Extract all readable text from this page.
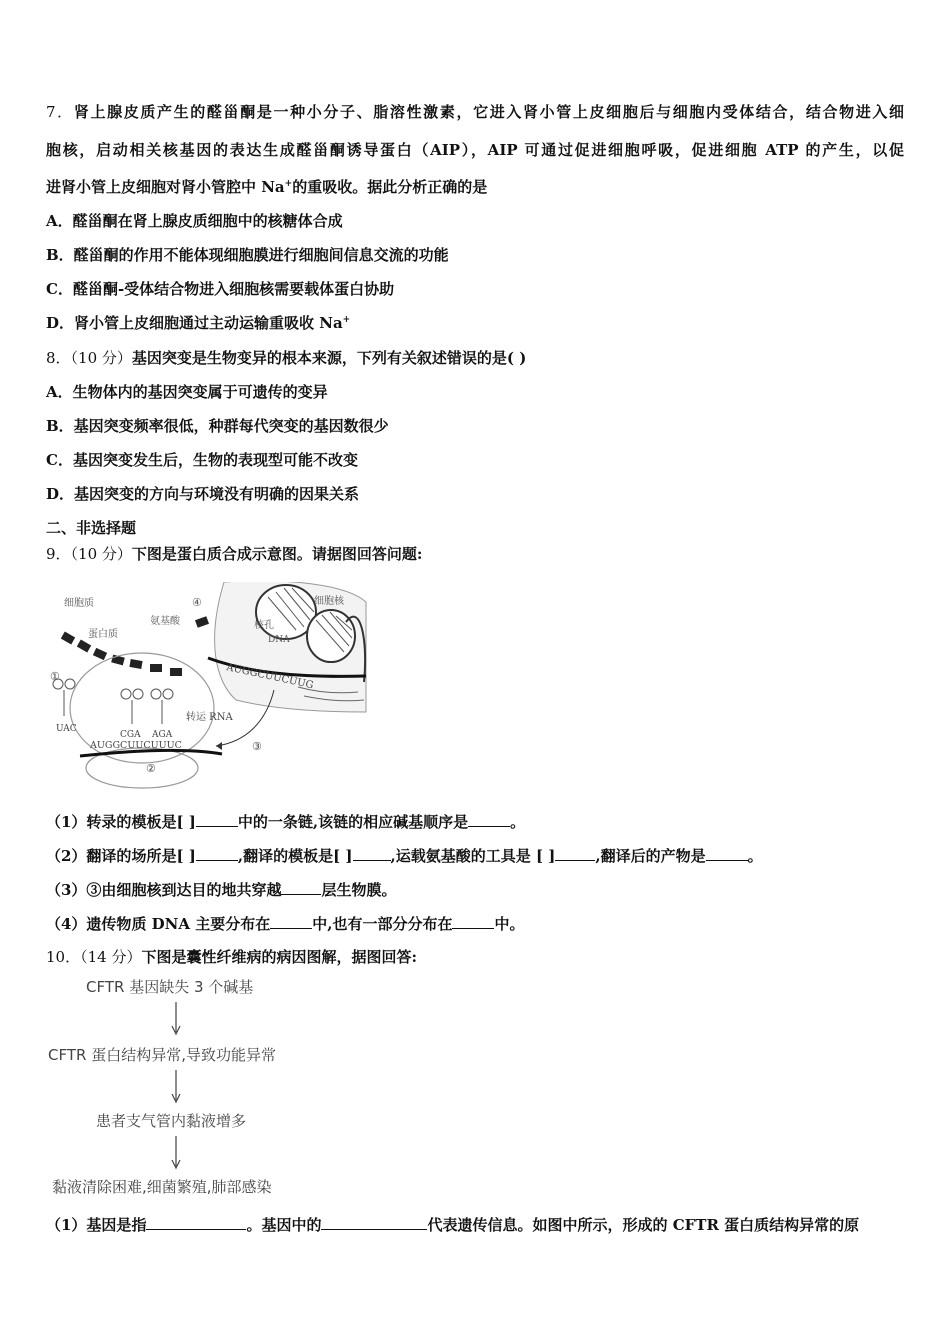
7．肾上腺皮质产生的醛甾酮是一种小分子、脂溶性激素，它进入肾小管上皮细胞后与细胞内受体结合，结合物进入细
胞核，启动相关核基因的表达生成醛甾酮诱导蛋白（AIP），AIP 可通过促进细胞呼吸，促进细胞 ATP 的产生，以促
进肾小管上皮细胞对肾小管腔中 Na+的重吸收。据此分析正确的是
A．醛甾酮在肾上腺皮质细胞中的核糖体合成
B．醛甾酮的作用不能体现细胞膜进行细胞间信息交流的功能
C．醛甾酮-受体结合物进入细胞核需要载体蛋白协助
D．肾小管上皮细胞通过主动运输重吸收 Na+
8．（10 分）基因突变是生物变异的根本来源，下列有关叙述错误的是( )
A．生物体内的基因突变属于可遗传的变异
B．基因突变频率很低，种群每代突变的基因数很少
C．基因突变发生后，生物的表现型可能不改变
D．基因突变的方向与环境没有明确的因果关系
二、非选择题
9．（10 分）下图是蛋白质合成示意图。请据图回答问题:
AUGGCUUCUUG
细胞核
核孔
DNA
④
细胞质
蛋白质
氨基酸
②
①
UAC
CGA AGA
转运 RNA
AUGGCUUCUUUC	③
（1）转录的模板是[ ]	中的一条链,该链的相应碱基顺序是	。
（2）翻译的场所是[ ]	,翻译的模板是[ ]	,运载氨基酸的工具是 [ ]	,翻译后的产物是	。
（3）③由细胞核到达目的地共穿越	层生物膜。
（4）遗传物质 DNA 主要分布在	中,也有一部分分布在	中。
10．（14 分）下图是囊性纤维病的病因图解，据图回答:
CFTR 基因缺失 3 个碱基
CFTR 蛋白结构异常,导致功能异常
患者支气管内黏液增多
黏液清除困难,细菌繁殖,肺部感染
（1）基因是指	。基因中的	代表遗传信息。如图中所示，形成的 CFTR 蛋白质结构异常的原
